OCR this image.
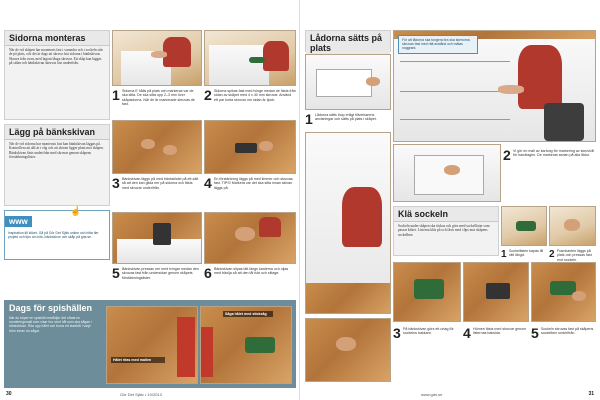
Sidorna monteras
När de två skåpen har monterats fast i varandra och i sockeln står de på plats, och det är dags att skruva fast sidorna i bänkskivan. Skruva från ovan, med lagom långa skruvar. Ett skåp kan läggas på sidan och bänkskivan skruvas fast underifrån.
1 Sidorna E hålls på plats och markeras var de ska sitta. De ska sitta upp 2–3 mm över skåpsidorna. När de är markerade skruvas de fast.
2 Sidorna spikas fast med tvinge medan de fästs från sidan av skåpet med 4 x 40 mm skruvar. Använd ett par korta skruvar om sidan är tjock.
Lägg på bänkskivan
När de två sidorna har monterats fast kan bänkskivan läggas på. Kontrollera att allt är i våg och att skivan ligger plant mot skåpen. Bänkskivan fästs underifrån med skruvar genom skåpens förstärkningslister.
3 Bänkskivan läggs på med bänkstödet på ett sätt så att den kan glida ner på sidorna och fästs med skruvar underifrån.	4 En förstärkning läggs på med limmer och skruvas fast. TIPS! Markera var det ska sitta innan skivan läggs på.
www
Inspiration till köket. Gå på Gör Det Själv online och hitta fler projekt och tips om kök, bänkskivor och skåp på gds.se.
☝
5 Bänkskivan pressas ner med tvingar medan den skruvas fast från undersidan genom skåpets förstärkningslister.	6 Bänkskivan slipas lätt längs kanterna och oljas med träolja så att den tål fukt och slitage.
Dags för spishällen
När du köper en spishäll medföljer det oftast en monteringsmall som visar hur stort hål som ska sågas i bänkskivan. Rita upp hålet och borra ett startbål i varje hörn innan du sågar.
Hålet ritas med mallen
Såga hålet med sticksåg
30	Gör Det Själv • 10/2013
Lådorna sätts på plats
För att lådorna ska fungera bra ska skenorna skruvas fast med rätt avstånd och mätas noggrant.
1 Lådorna sätts ihop enligt tillverkarens anvisningar och sätts på plats i skåpet.
2 Vi gör en mall av kartong för markering av skruvhål för handtagen. De markeras sedan på alla lådor.
Klä sockeln
Sockeln under skåpen ska täckas och görs med sockellister som passar köket. Listerna kläs på och fästs med clips mot skåpens sockelben.
1 Sockellisten kapas till rätt längd.	2 Framkanten läggs på plats och pressas fast mot sockeln.
3 På bänkskivan görs ett urtag för sockelns bakkant.	4 Hörnen fästs med skruvar genom listernas baksida.	5 Sockeln skruvas fast på skåpens sockelben underifrån.
www.gds.se	31
